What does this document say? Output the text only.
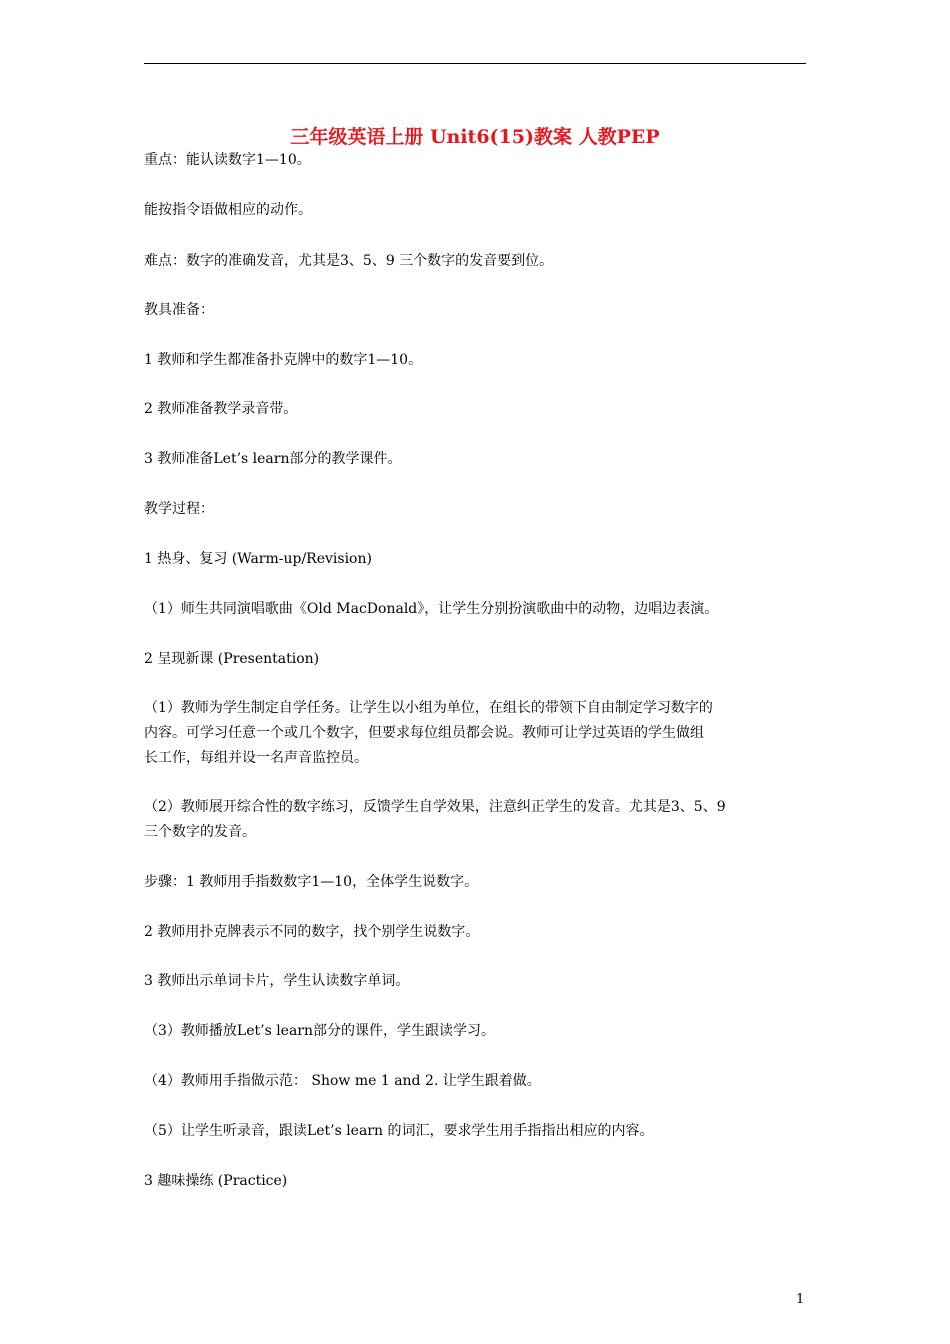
三年级英语上册 Unit6(15)教案 人教PEP
重点：能认读数字1—10。
能按指令语做相应的动作。
难点：数字的准确发音，尤其是3、5、9 三个数字的发音要到位。
教具准备：
1 教师和学生都准备扑克牌中的数字1—10。
2 教师准备教学录音带。
3 教师准备Let’s learn部分的教学课件。
教学过程：
1 热身、复习 (Warm-up/Revision)
（1）师生共同演唱歌曲《Old MacDonald》，让学生分别扮演歌曲中的动物，边唱边表演。
2 呈现新课 (Presentation)
（1）教师为学生制定自学任务。让学生以小组为单位，在组长的带领下自由制定学习数字的
内容。可学习任意一个或几个数字，但要求每位组员都会说。教师可让学过英语的学生做组
长工作，每组并设一名声音监控员。
（2）教师展开综合性的数字练习，反馈学生自学效果，注意纠正学生的发音。尤其是3、5、9
三个数字的发音。
步骤：1 教师用手指数数字1—10，全体学生说数字。
2 教师用扑克牌表示不同的数字，找个别学生说数字。
3 教师出示单词卡片，学生认读数字单词。
（3）教师播放Let’s learn部分的课件，学生跟读学习。
（4）教师用手指做示范： Show me 1 and 2. 让学生跟着做。
（5）让学生听录音，跟读Let’s learn 的词汇，要求学生用手指指出相应的内容。
3 趣味操练 (Practice)
1
